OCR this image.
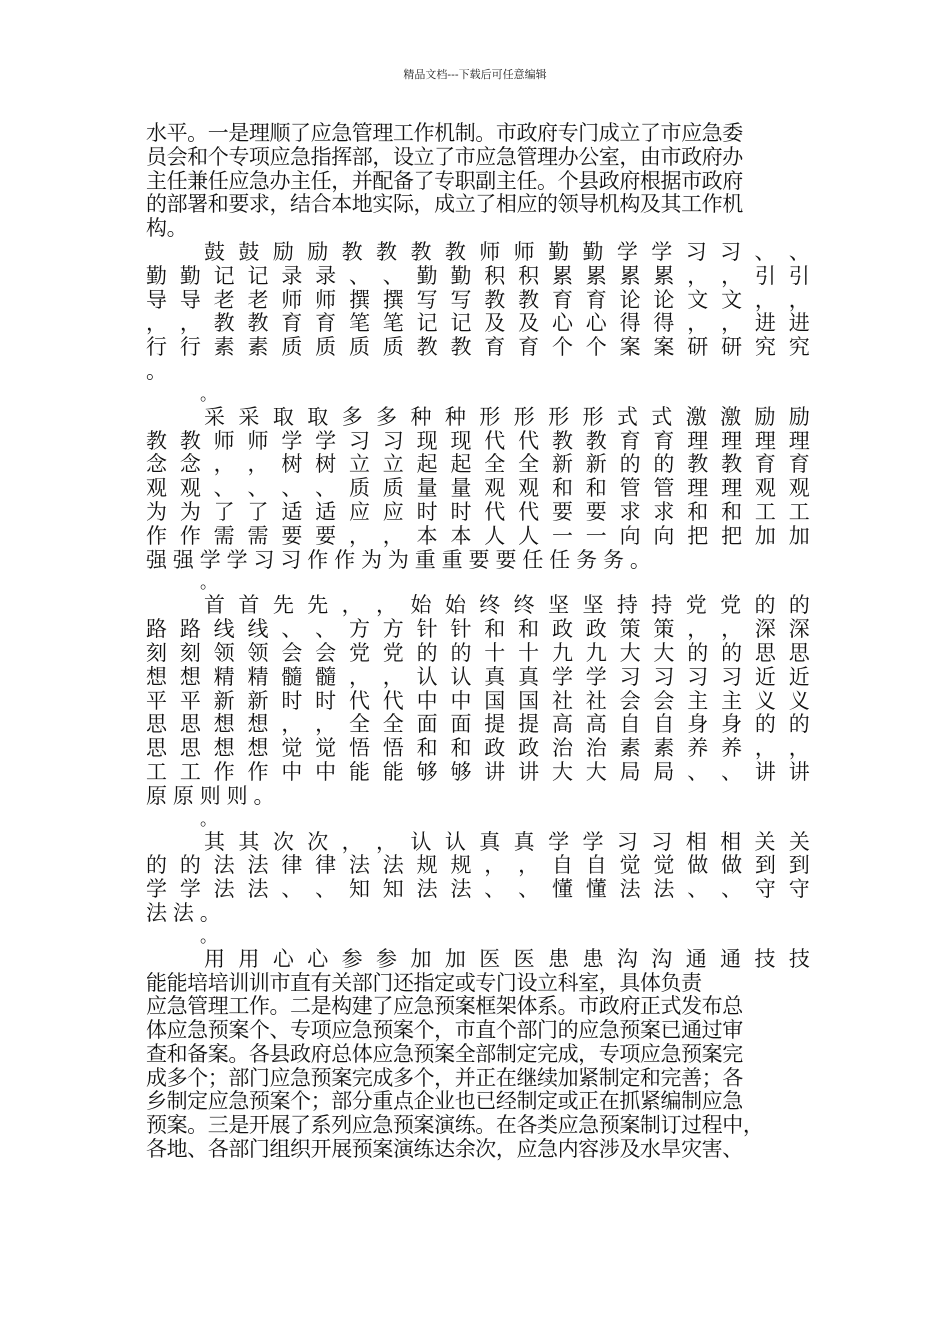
精品文档---下载后可任意编辑
水平。一是理顺了应急管理工作机制。市政府专门成立了市应急委
员会和个专项应急指挥部，设立了市应急管理办公室，由市政府办
主任兼任应急办主任，并配备了专职副主任。个县政府根据市政府
的部署和要求，结合本地实际，成立了相应的领导机构及其工作机
构。
鼓 鼓 励 励 教 教 教 教 师 师 勤 勤 学 学 习 习 、 、
勤 勤 记 记 录 录 、 、 勤 勤 积 积 累 累 累 累 ， ， 引 引
导 导 老 老 师 师 撰 撰 写 写 教 教 育 育 论 论 文 文 ， ，
， ， 教 教 育 育 笔 笔 记 记 及 及 心 心 得 得 ， ， 进 进
行 行 素 素 质 质 质 质 教 教 育 育 个 个 案 案 研 研 究 究
。
。
采 采 取 取 多 多 种 种 形 形 形 形 式 式 激 激 励 励
教 教 师 师 学 学 习 习 现 现 代 代 教 教 育 育 理 理 理 理
念 念 ， ， 树 树 立 立 起 起 全 全 新 新 的 的 教 教 育 育
观 观 、 、 、 、 质 质 量 量 观 观 和 和 管 管 理 理 观 观
为 为 了 了 适 适 应 应 时 时 代 代 要 要 求 求 和 和 工 工
作 作 需 需 要 要 ， ， 本 本 人 人 一 一 向 向 把 把 加 加
强强学学习习作作为为重重要要任任务务。
。
首 首 先 先 ， ， 始 始 终 终 坚 坚 持 持 党 党 的 的
路 路 线 线 、 、 方 方 针 针 和 和 政 政 策 策 ， ， 深 深
刻 刻 领 领 会 会 党 党 的 的 十 十 九 九 大 大 的 的 思 思
想 想 精 精 髓 髓 ， ， 认 认 真 真 学 学 习 习 习 习 近 近
平 平 新 新 时 时 代 代 中 中 国 国 社 社 会 会 主 主 义 义
思 思 想 想 ， ， 全 全 面 面 提 提 高 高 自 自 身 身 的 的
思 思 想 想 觉 觉 悟 悟 和 和 政 政 治 治 素 素 养 养 ， ，
工 工 作 作 中 中 能 能 够 够 讲 讲 大 大 局 局 、 、 讲 讲
原原则则。
。
其 其 次 次 ， ， 认 认 真 真 学 学 习 习 相 相 关 关
的 的 法 法 律 律 法 法 规 规 ， ， 自 自 觉 觉 做 做 到 到
学 学 法 法 、 、 知 知 法 法 、 、 懂 懂 法 法 、 、 守 守
法法。
。
用 用 心 心 参 参 加 加 医 医 患 患 沟 沟 通 通 技 技
能能培培训训市直有关部门还指定或专门设立科室，具体负责
应急管理工作。二是构建了应急预案框架体系。市政府正式发布总
体应急预案个、专项应急预案个，市直个部门的应急预案已通过审
查和备案。各县政府总体应急预案全部制定完成，专项应急预案完
成多个；部门应急预案完成多个，并正在继续加紧制定和完善；各
乡制定应急预案个；部分重点企业也已经制定或正在抓紧编制应急
预案。三是开展了系列应急预案演练。在各类应急预案制订过程中，
各地、各部门组织开展预案演练达余次，应急内容涉及水旱灾害、
